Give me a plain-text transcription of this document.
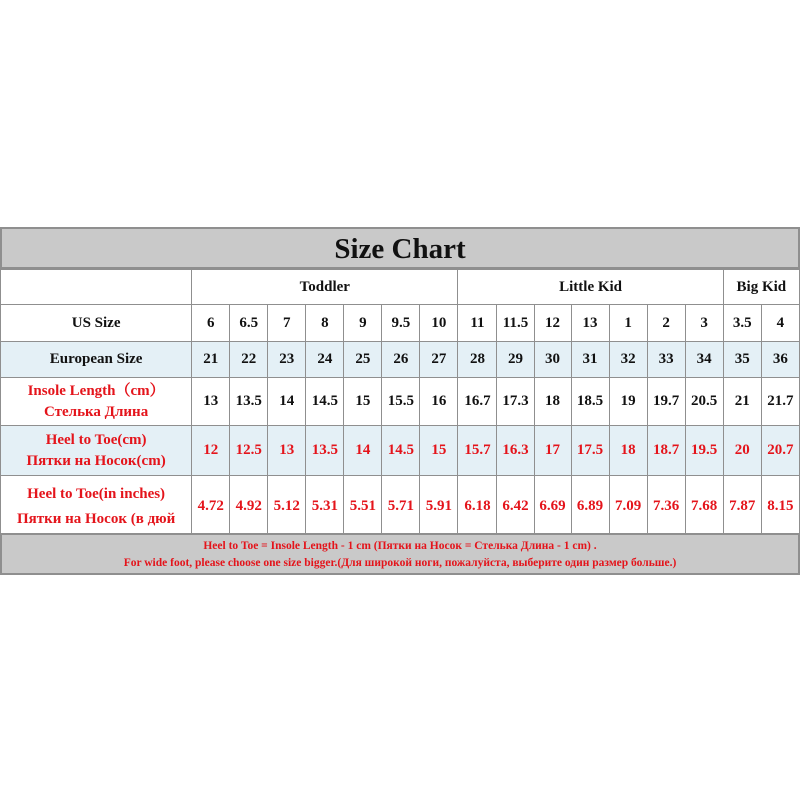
Size Chart
	Toddler							Little Kid							Big Kid	
US Size	6	6.5	7	8	9	9.5	10	11	11.5	12	13	1	2	3	3.5	4
European Size	21	22	23	24	25	26	27	28	29	30	31	32	33	34	35	36

Insole Length（cm）
Стелька Длина	13	13.5	14	14.5	15	15.5	16	16.7	17.3	18	18.5	19	19.7	20.5	21	21.7

Heel to Toe(cm)
Пятки на Носок(cm)	12	12.5	13	13.5	14	14.5	15	15.7	16.3	17	17.5	18	18.7	19.5	20	20.7

Heel to Toe(in inches)
Пятки на Носок (в дюй	4.72	4.92	5.12	5.31	5.51	5.71	5.91	6.18	6.42	6.69	6.89	7.09	7.36	7.68	7.87	8.15
Heel to Toe = Insole Length - 1 cm (Пятки на Носок = Стелька Длина - 1 cm) .
For wide foot, please choose one size bigger.(Для широкой ноги, пожалуйста, выберите один размер больше.)
